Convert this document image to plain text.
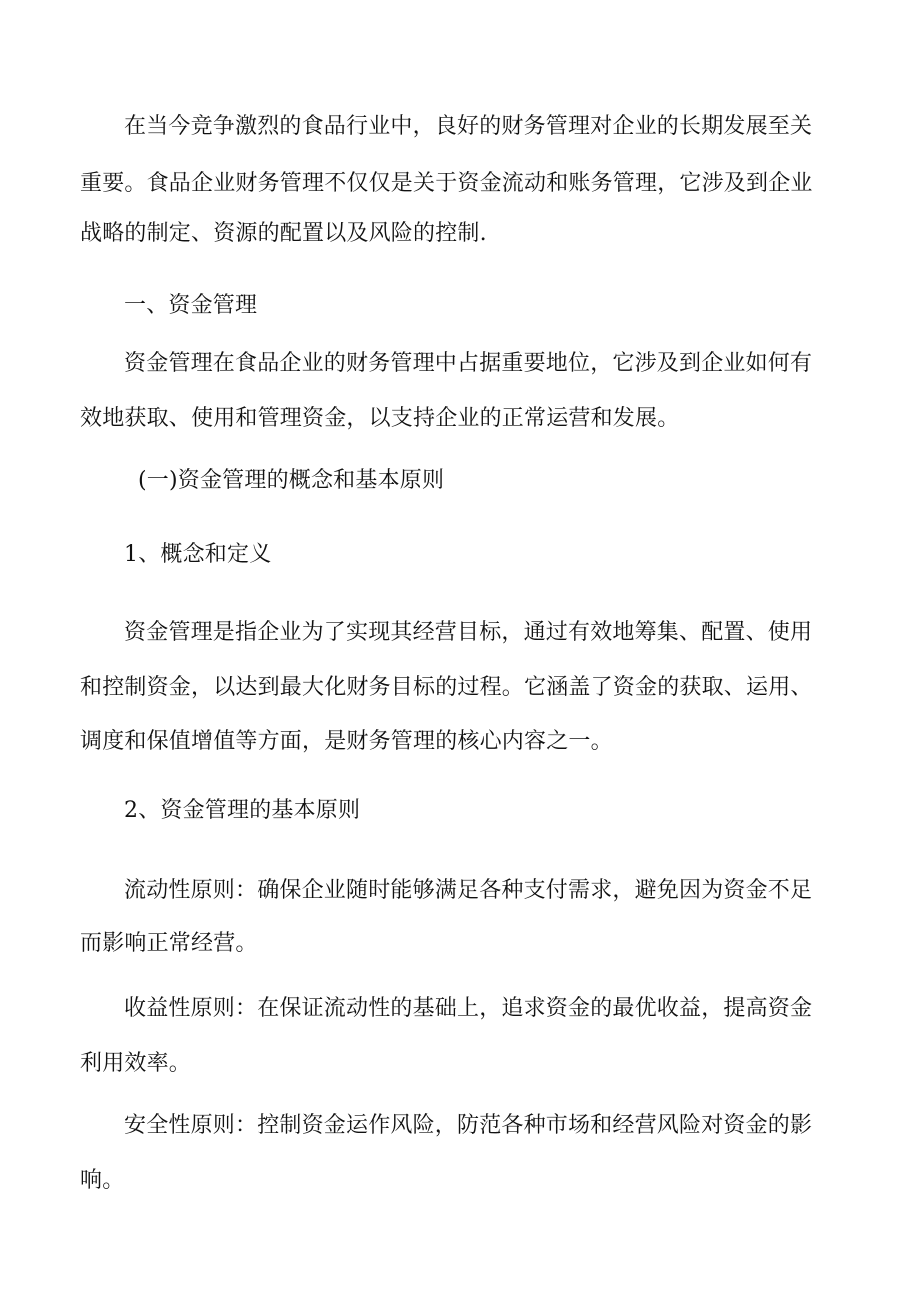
在当今竞争激烈的食品行业中，良好的财务管理对企业的长期发展至关
重要。食品企业财务管理不仅仅是关于资金流动和账务管理，它涉及到企业
战略的制定、资源的配置以及风险的控制.
一、资金管理
资金管理在食品企业的财务管理中占据重要地位，它涉及到企业如何有
效地获取、使用和管理资金，以支持企业的正常运营和发展。
(一)资金管理的概念和基本原则
1、概念和定义
资金管理是指企业为了实现其经营目标，通过有效地筹集、配置、使用
和控制资金，以达到最大化财务目标的过程。它涵盖了资金的获取、运用、
调度和保值增值等方面，是财务管理的核心内容之一。
2、资金管理的基本原则
流动性原则：确保企业随时能够满足各种支付需求，避免因为资金不足
而影响正常经营。
收益性原则：在保证流动性的基础上，追求资金的最优收益，提高资金
利用效率。
安全性原则：控制资金运作风险，防范各种市场和经营风险对资金的影
响。
